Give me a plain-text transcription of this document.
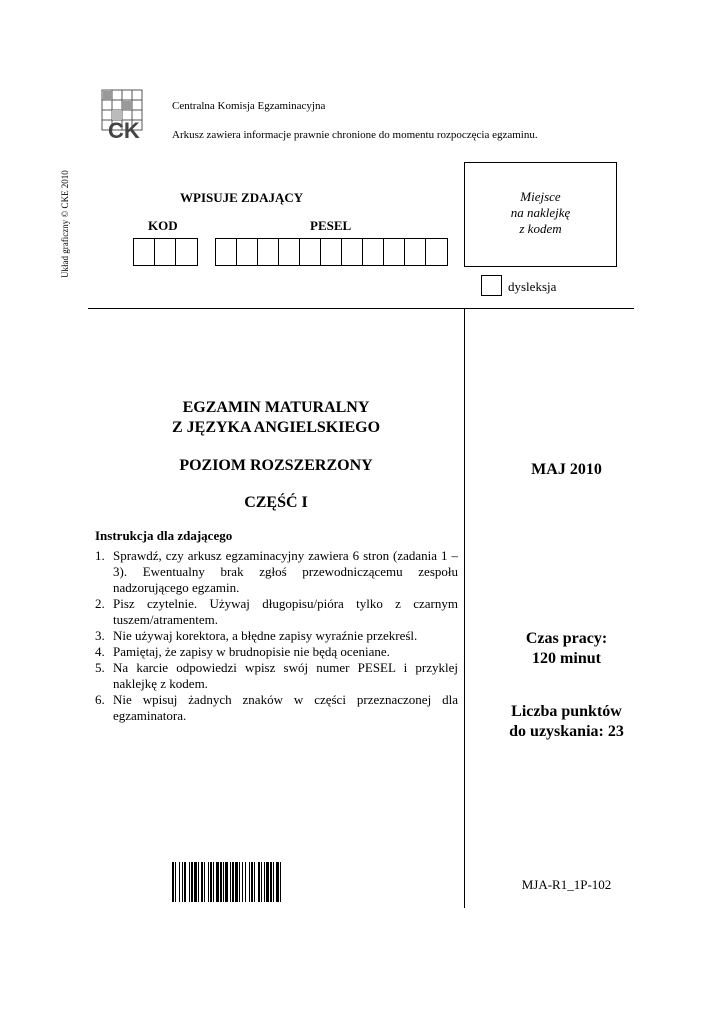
CK
Centralna Komisja Egzaminacyjna
Arkusz zawiera informacje prawnie chronione do momentu rozpoczęcia egzaminu.
Układ graficzny © CKE 2010	WPISUJE ZDAJĄCY
KOD	PESEL
Miejsce
na naklejkę
z kodem
dysleksja
EGZAMIN MATURALNY
Z JĘZYKA ANGIELSKIEGO
POZIOM ROZSZERZONY
CZĘŚĆ I
Instrukcja dla zdającego
1. Sprawdź, czy arkusz egzaminacyjny zawiera 6 stron (zadania 1 – 3). Ewentualny brak zgłoś przewodniczącemu zespołu nadzorującego egzamin.
2. Pisz czytelnie. Używaj długopisu/pióra tylko z czarnym tuszem/atramentem.
3. Nie używaj korektora, a błędne zapisy wyraźnie przekreśl.
4. Pamiętaj, że zapisy w brudnopisie nie będą oceniane.
5. Na karcie odpowiedzi wpisz swój numer PESEL i przyklej naklejkę z kodem.
6. Nie wpisuj żadnych znaków w części przeznaczonej dla egzaminatora.
MAJ 2010
Czas pracy:
120 minut
Liczba punktów
do uzyskania: 23
MJA-R1_1P-102
